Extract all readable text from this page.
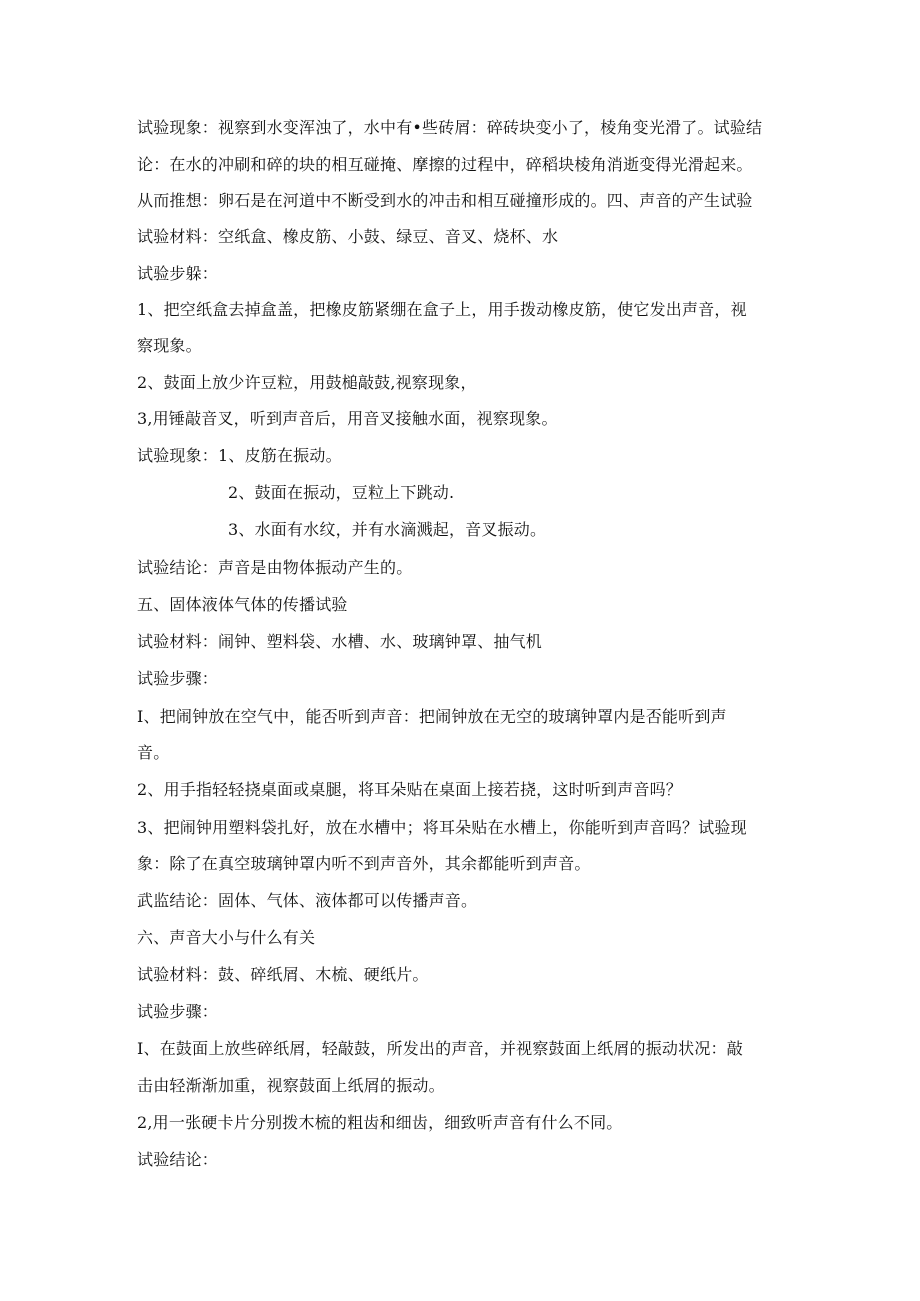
试验现象：视察到水变浑浊了，水中有•些砖屑：碎砖块变小了，棱角变光滑了。试验结
论：在水的冲刷和碎的块的相互碰掩、摩擦的过程中，碎稻块棱角消逝变得光滑起来。
从而推想：卵石是在河道中不断受到水的冲击和相互碰撞形成的。四、声音的产生试验
试验材料：空纸盒、橡皮筋、小鼓、绿豆、音叉、烧杯、水
试验步躲：
1、把空纸盒去掉盒盖，把橡皮筋紧绷在盒子上，用手拨动橡皮筋，使它发出声音，视
察现象。
2、鼓面上放少许豆粒，用鼓槌敲鼓,视察现象，
3,用锤敲音叉，听到声音后，用音叉接触水面，视察现象。
试验现象：1、皮筋在振动。
2、鼓面在振动，豆粒上下跳动.
3、水面有水纹，并有水滴溅起，音叉振动。
试验结论：声音是由物体振动产生的。
五、固体液体气体的传播试验
试验材料：闹钟、塑料袋、水槽、水、玻璃钟罩、抽气机
试验步骤：
I、把闹钟放在空气中，能否听到声音：把闹钟放在无空的玻璃钟罩内是否能听到声
音。
2、用手指轻轻挠桌面或桌腿，将耳朵贴在桌面上接若挠，这时听到声音吗？
3、把闹钟用塑料袋扎好，放在水槽中；将耳朵贴在水槽上，你能听到声音吗？试验现
象：除了在真空玻璃钟罩内听不到声音外，其余都能听到声音。
武监结论：固体、气体、液体都可以传播声音。
六、声音大小与什么有关
试验材料：鼓、碎纸屑、木梳、硬纸片。
试验步骤：
I、在鼓面上放些碎纸屑，轻敲鼓，所发出的声音，并视察鼓面上纸屑的振动状况：敲
击由轻渐渐加重，视察鼓面上纸屑的振动。
2,用一张硬卡片分别拨木梳的粗齿和细齿，细致听声音有什么不同。
试验结论：
